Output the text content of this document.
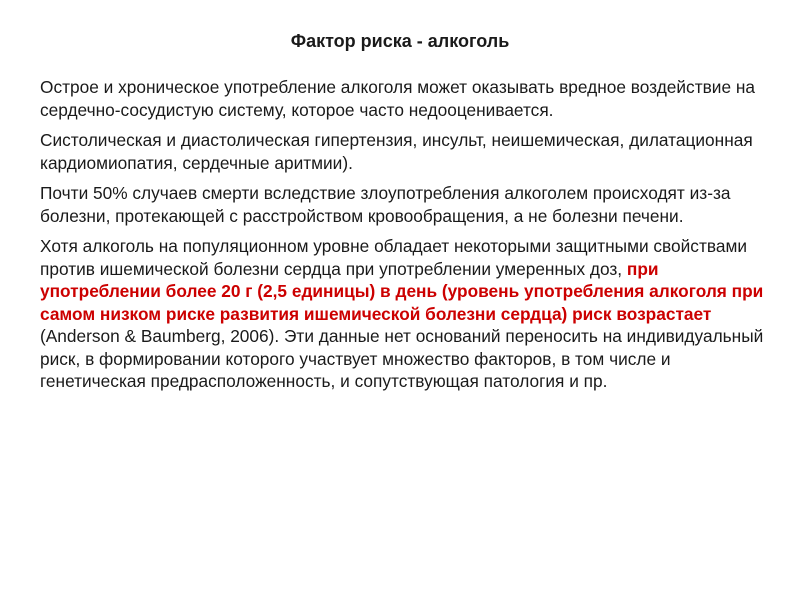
Фактор риска - алкоголь

Острое и хроническое употребление алкоголя может оказывать вредное воздействие на сердечно-сосудистую систему, которое часто недооценивается.

Систолическая и диастолическая гипертензия, инсульт, неишемическая, дилатационная кардиомиопатия, сердечные аритмии).

Почти 50% случаев смерти вследствие злоупотребления алкоголем происходят из-за болезни, протекающей с расстройством кровообращения, а не болезни печени.

Хотя алкоголь на популяционном уровне обладает некоторыми защитными свойствами против ишемической болезни сердца при употреблении умеренных доз, при употреблении более 20 г (2,5 единицы) в день (уровень употребления алкоголя при самом низком риске развития ишемической болезни сердца) риск возрастает (Anderson & Baumberg, 2006). Эти данные нет оснований переносить на индивидуальный риск, в формировании которого участвует множество факторов, в том числе и генетическая предрасположенность, и сопутствующая патология и пр.
